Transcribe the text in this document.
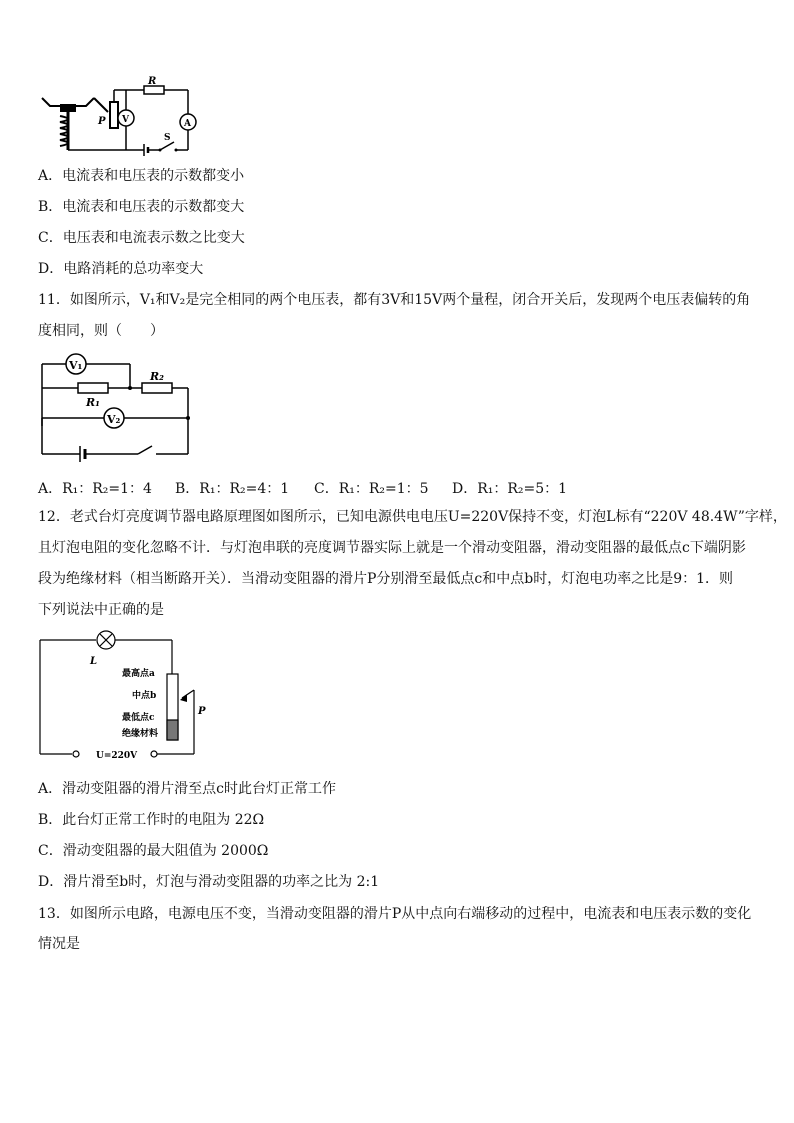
P
R
A
V
S
A．电流表和电压表的示数都变小
B．电流表和电压表的示数都变大
C．电压表和电流表示数之比变大
D．电路消耗的总功率变大
11．如图所示，V₁和V₂是完全相同的两个电压表，都有3V和15V两个量程，闭合开关后，发现两个电压表偏转的角
度相同，则（　　）
V₁
R₁
R₂
V₂
A．R₁：R₂=1：4 B．R₁：R₂=4：1 C．R₁：R₂=1：5 D．R₁：R₂=5：1
12．老式台灯亮度调节器电路原理图如图所示，已知电源供电电压U=220V保持不变，灯泡L标有“220V 48.4W”字样，
且灯泡电阻的变化忽略不计．与灯泡串联的亮度调节器实际上就是一个滑动变阻器，滑动变阻器的最低点c下端阴影
段为绝缘材料（相当断路开关）．当滑动变阻器的滑片P分别滑至最低点c和中点b时，灯泡电功率之比是9：1．则
下列说法中正确的是
L
最高点a
中点b
最低点c
绝缘材料
P
U=220V
A．滑动变阻器的滑片滑至点c时此台灯正常工作
B．此台灯正常工作时的电阻为 22Ω
C．滑动变阻器的最大阻值为 2000Ω
D．滑片滑至b时，灯泡与滑动变阻器的功率之比为 2:1
13．如图所示电路，电源电压不变，当滑动变阻器的滑片P从中点向右端移动的过程中，电流表和电压表示数的变化
情况是
